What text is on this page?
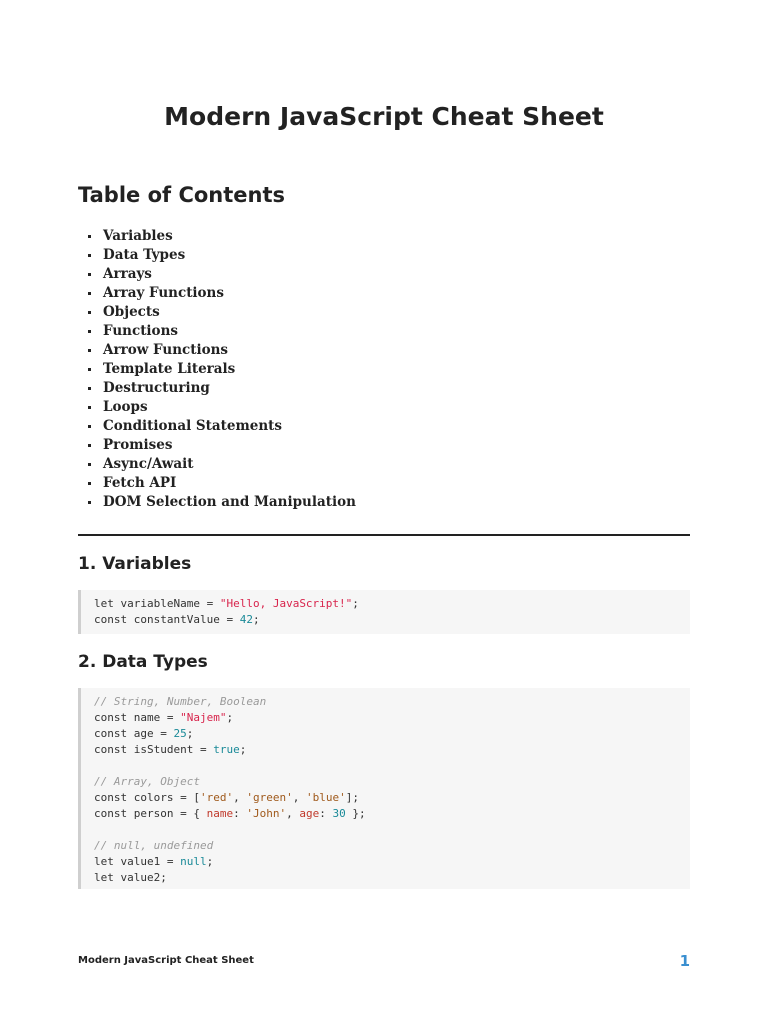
Modern JavaScript Cheat Sheet
Table of Contents
Variables
Data Types
Arrays
Array Functions
Objects
Functions
Arrow Functions
Template Literals
Destructuring
Loops
Conditional Statements
Promises
Async/Await
Fetch API
DOM Selection and Manipulation
1. Variables
let variableName = "Hello, JavaScript!";
const constantValue = 42;
2. Data Types
// String, Number, Boolean
const name = "Najem";
const age = 25;
const isStudent = true;
// Array, Object
const colors = ['red', 'green', 'blue'];
const person = { name: 'John', age: 30 };
// null, undefined
let value1 = null;
let value2;
Modern JavaScript Cheat Sheet	1
